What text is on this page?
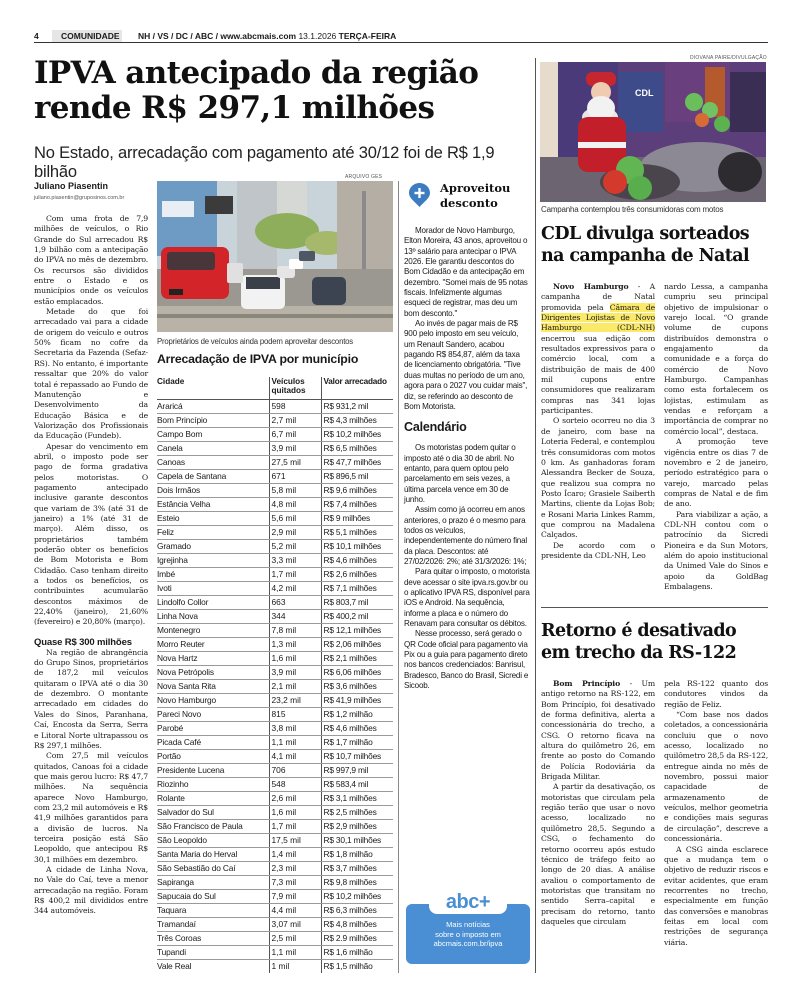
4	COMUNIDADE NH / VS / DC / ABC / www.abcmais.com 13.1.2026 TERÇA-FEIRA
IPVA antecipado da região
rende R$ 297,1 milhões
No Estado, arrecadação com pagamento até 30/12 foi de R$ 1,9 bilhão
Juliano Piasentin
juliano.piasentin@gruposinos.com.br

Com uma frota de 7,9 milhões de veículos, o Rio Grande do Sul arrecadou R$ 1,9 bilhão com a antecipação do IPVA no mês de dezembro. Os recursos são divididos entre o Estado e os municípios onde os veículos estão emplacados.

Metade do que foi arrecadado vai para a cidade de origem do veículo e outros 50% ficam no cofre da Secretaria da Fazenda (Sefaz-RS). No entanto, é importante ressaltar que 20% do valor total é repassado ao Fundo de Manutenção e Desenvolvimento da Educação Básica e de Valorização dos Profissionais da Educação (Fundeb).

Apesar do vencimento em abril, o imposto pode ser pago de forma gradativa pelos motoristas. O pagamento antecipado inclusive garante descontos que variam de 3% (até 31 de janeiro) a 1% (até 31 de março). Além disso, os proprietários também poderão obter os benefícios de Bom Motorista e Bom Cidadão. Caso tenham direito a todos os benefícios, os contribuintes acumularão descontos máximos de 22,40% (janeiro), 21,60% (fevereiro) e 20,80% (março).

Quase R$ 300 milhões

Na região de abrangência do Grupo Sinos, proprietários de 187,2 mil veículos quitaram o IPVA até o dia 30 de dezembro. O montante arrecadado em cidades do Vales do Sinos, Paranhana, Caí, Encosta da Serra, Serra e Litoral Norte ultrapassou os R$ 297,1 milhões.

Com 27,5 mil veículos quitados, Canoas foi a cidade que mais gerou lucro: R$ 47,7 milhões. Na sequência aparece Novo Hamburgo, com 23,2 mil automóveis e R$ 41,9 milhões garantidos para a divisão de lucros. Na terceira posição está São Leopoldo, que antecipou R$ 30,1 milhões em dezembro.

A cidade de Linha Nova, no Vale do Caí, teve a menor arrecadação na região. Foram R$ 400,2 mil divididos entre 344 automóveis.

ARQUIVO GES
Proprietários de veículos ainda podem aproveitar descontos
Arrecadação de IPVA por município
Cidade	Veículos quitados	Valor arrecadado
Araricá	598	R$ 931,2 mil
Bom Princípio	2,7 mil	R$ 4,3 milhões
Campo Bom	6,7 mil	R$ 10,2 milhões
Canela	3,9 mil	R$ 6,5 milhões
Canoas	27,5 mil	R$ 47,7 milhões
Capela de Santana	671	R$ 896,5 mil
Dois Irmãos	5,8 mil	R$ 9,6 milhões
Estância Velha	4,8 mil	R$ 7,4 milhões
Esteio	5,6 mil	R$ 9 milhões
Feliz	2,9 mil	R$ 5,1 milhões
Gramado	5,2 mil	R$ 10,1 milhões
Igrejinha	3,3 mil	R$ 4,6 milhões
Imbé	1,7 mil	R$ 2,6 milhões
Ivoti	4,2 mil	R$ 7,1 milhões
Lindolfo Collor	663	R$ 803,7 mil
Linha Nova	344	R$ 400,2 mil
Montenegro	7,8 mil	R$ 12,1 milhões
Morro Reuter	1,3 mil	R$ 2,06 milhões
Nova Hartz	1,6 mil	R$ 2,1 milhões
Nova Petrópolis	3,9 mil	R$ 6,06 milhões
Nova Santa Rita	2,1 mil	R$ 3,6 milhões
Novo Hamburgo	23,2 mil	R$ 41,9 milhões
Pareci Novo	815	R$ 1,2 milhão
Parobé	3,8 mil	R$ 4,6 milhões
Picada Café	1,1 mil	R$ 1,7 milhão
Portão	4,1 mil	R$ 10,7 milhões
Presidente Lucena	706	R$ 997,9 mil
Riozinho	548	R$ 583,4 mil
Rolante	2,6 mil	R$ 3,1 milhões
Salvador do Sul	1,6 mil	R$ 2,5 milhões
São Francisco de Paula	1,7 mil	R$ 2,9 milhões
São Leopoldo	17,5 mil	R$ 30,1 milhões
Santa Maria do Herval	1,4 mil	R$ 1,8 milhão
São Sebastião do Caí	2,3 mil	R$ 3,7 milhões
Sapiranga	7,3 mil	R$ 9,8 milhões
Sapucaia do Sul	7,9 mil	R$ 10,2 milhões
Taquara	4,4 mil	R$ 6,3 milhões
Tramandaí	3,07 mil	R$ 4,8 milhões
Três Coroas	2,5 mil	R$ 2.9 milhões
Tupandi	1,1 mil	R$ 1,6 milhão
Vale Real	1 mil	R$ 1,5 milhão
Aproveitou
desconto

Morador de Novo Hamburgo, Elton Moreira, 43 anos, aproveitou o 13º salário para antecipar o IPVA 2026. Ele garantiu descontos do Bom Cidadão e da antecipação em dezembro. "Somei mais de 95 notas fiscais. Infelizmente algumas esqueci de registrar, mas deu um bom desconto."

Ao invés de pagar mais de R$ 900 pelo imposto em seu veículo, um Renault Sandero, acabou pagando R$ 854,87, além da taxa de licenciamento obrigatória. "Tive duas multas no período de um ano, agora para o 2027 vou cuidar mais", diz, se referindo ao desconto de Bom Motorista.

Calendário

Os motoristas podem quitar o imposto até o dia 30 de abril. No entanto, para quem optou pelo parcelamento em seis vezes, a última parcela vence em 30 de junho.

Assim como já ocorreu em anos anteriores, o prazo é o mesmo para todos os veículos, independentemente do número final da placa. Descontos: até 27/02/2026: 2%; até 31/3/2026: 1%;

Para quitar o imposto, o motorista deve acessar o site ipva.rs.gov.br ou o aplicativo IPVA RS, disponível para iOS e Android. Na sequência, informe a placa e o número do Renavam para consultar os débitos.

Nesse processo, será gerado o QR Code oficial para pagamento via Pix ou a guia para pagamento direto nos bancos credenciados: Banrisul, Bradesco, Banco do Brasil, Sicredi e Sicoob.

abc+
Mais notícias
sobre o imposto em
abcmais.com.br/ipva
DIOVANA PAIRE/DIVULGAÇÃO
CDL
Campanha contemplou três consumidoras com motos
CDL divulga sorteados
na campanha de Natal

Novo Hamburgo - A campanha de Natal promovida pela Câmara de Dirigentes Lojistas de Novo Hamburgo (CDL-NH) encerrou sua edição com resultados expressivos para o comércio local, com a distribuição de mais de 400 mil cupons entre consumidores que realizaram compras nas 341 lojas participantes.

O sorteio ocorreu no dia 3 de janeiro, com base na Loteria Federal, e contemplou três consumidoras com motos 0 km. As ganhadoras foram Alessandra Becker de Souza, que realizou sua compra no Posto Ícaro; Grasiele Saiberth Martins, cliente da Lojas Bob; e Rosani Maria Linkes Ramm, que comprou na Madalena Calçados.

De acordo com o presidente da CDL-NH, Leo

nardo Lessa, a campanha cumpriu seu principal objetivo de impulsionar o varejo local. “O grande volume de cupons distribuídos demonstra o engajamento da comunidade e a força do comércio de Novo Hamburgo. Campanhas como esta fortalecem os lojistas, estimulam as vendas e reforçam a importância de comprar no comércio local”, destaca.

A promoção teve vigência entre os dias 7 de novembro e 2 de janeiro, período estratégico para o varejo, marcado pelas compras de Natal e de fim de ano.

Para viabilizar a ação, a CDL-NH contou com o patrocínio da Sicredi Pioneira e da Sun Motors, além do apoio institucional da Unimed Vale do Sinos e apoio da GoldBag Embalagens.

Retorno é desativado
em trecho da RS-122

Bom Princípio - Um antigo retorno na RS-122, em Bom Princípio, foi desativado de forma definitiva, alerta a concessionária do trecho, a CSG. O retorno ficava na altura do quilômetro 26, em frente ao posto do Comando de Polícia Rodoviária da Brigada Militar.

A partir da desativação, os motoristas que circulam pela região terão que usar o novo acesso, localizado no quilômetro 28,5. Segundo a CSG, o fechamento do retorno ocorreu após estudo técnico de tráfego feito ao longo de 20 dias. A análise avaliou o comportamento de motoristas que transitam no sentido Serra–capital e precisam do retorno, tanto daqueles que circulam

pela RS-122 quanto dos condutores vindos da região de Feliz.

“Com base nos dados coletados, a concessionária concluiu que o novo acesso, localizado no quilômetro 28,5 da RS-122, entregue ainda no mês de novembro, possui maior capacidade de armazenamento de veículos, melhor geometria e condições mais seguras de circulação”, descreve a concessionária.

A CSG ainda esclarece que a mudança tem o objetivo de reduzir riscos e evitar acidentes, que eram recorrentes no trecho, especialmente em função das conversões e manobras feitas em local com restrições de segurança viária.
